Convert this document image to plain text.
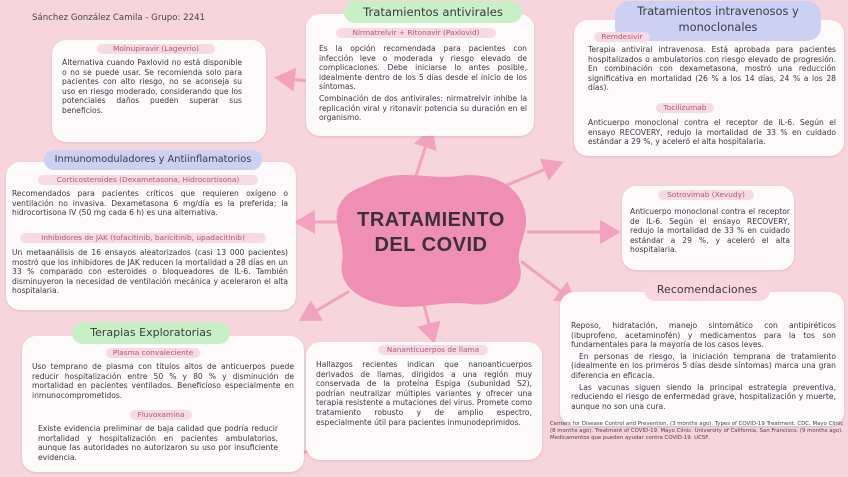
Sánchez González Camila - Grupo: 2241
TRATAMIENTO
DEL COVID
Molnupiravir (Lagevrio)
Alternativa cuando Paxlovid no está disponible o no se puede usar. Se recomienda solo para pacientes con alto riesgo, no se aconseja su uso en riesgo moderado, considerando que los potenciales daños pueden superar sus beneficios.
Tratamientos antivirales
Nirmatrelvir + Ritonavir (Paxlovid)

Es la opción recomendada para pacientes con infección leve o moderada y riesgo elevado de complicaciones. Debe iniciarse lo antes posible, idealmente dentro de los 5 días desde el inicio de los síntomas.

Combinación de dos antivirales: nirmatrelvir inhibe la replicación viral y ritonavir potencia su duración en el organismo.

Tratamientos intravenosos y
monoclonales
Remdesivir
Terapia antiviral intravenosa. Está aprobada para pacientes hospitalizados o ambulatorios con riesgo elevado de progresión. En combinación con dexametasona, mostró una reducción significativa en mortalidad (26 % a los 14 días, 24 % a los 28 días).
Tocilizumab
Anticuerpo monoclonal contra el receptor de IL-6. Según el ensayo RECOVERY, redujo la mortalidad de 33 % en cuidado estándar a 29 %, y aceleró el alta hospitalaria.
Sotrovimab (Xevudy)
Anticuerpo monoclonal contra el receptor de IL-6. Según el ensayo RECOVERY, redujo la mortalidad de 33 % en cuidado estándar a 29 %, y aceleró el alta hospitalaria.
Inmunomoduladores y Antiinflamatorios
Corticosteroides (Dexametasona, Hidrocortisona)
Recomendados para pacientes críticos que requieren oxígeno o ventilación no invasiva. Dexametasona 6 mg/día es la preferida; la hidrocortisona IV (50 mg cada 6 h) es una alternativa.
Inhibidores de JAK (tofacitinib, baricitinib, upadacitinib)
Un metaanálisis de 16 ensayos aleatorizados (casi 13 000 pacientes) mostró que los inhibidores de JAK reducen la mortalidad a 28 días en un 33 % comparado con esteroides o bloqueadores de IL-6. También disminuyeron la necesidad de ventilación mecánica y aceleraron el alta hospitalaria.	Recomendaciones

Reposo, hidratación, manejo sintomático con antipiréticos (ibuprofeno, acetaminofén) y medicamentos para la tos son fundamentales para la mayoría de los casos leves.

En personas de riesgo, la iniciación temprana de tratamiento (idealmente en los primeros 5 días desde síntomas) marca una gran diferencia en eficacia.

Las vacunas siguen siendo la principal estrategia preventiva, reduciendo el riesgo de enfermedad grave, hospitalización y muerte, aunque no son una cura.

Centers for Disease Control and Prevention. (3 months ago). Types of COVID-19 Treatment. CDC. Mayo Clinic (8 months ago). Treatment of COVID-19. Mayo Clinic. University of California, San Francisco. (9 months ago). Medicamentos que pueden ayudar contra COVID-19. UCSF.
Terapias Exploratorias
Plasma convaleciente
Uso temprano de plasma con títulos altos de anticuerpos puede reducir hospitalización entre 50 % y 80 % y disminución de mortalidad en pacientes ventilados. Beneficioso especialmente en inmunocomprometidos.
Fluvoxamina
Existe evidencia preliminar de baja calidad que podría reducir mortalidad y hospitalización en pacientes ambulatorios, aunque las autoridades no autorizaron su uso por insuficiente evidencia.
Nananticuerpos de llama
Hallazgos recientes indican que nanoanticuerpos derivados de llamas, dirigidos a una región muy conservada de la proteína Espiga (subunidad S2), podrían neutralizar múltiples variantes y ofrecer una terapia resistente a mutaciones del virus. Promete como tratamiento robusto y de amplio espectro, especialmente útil para pacientes inmunodeprimidos.
